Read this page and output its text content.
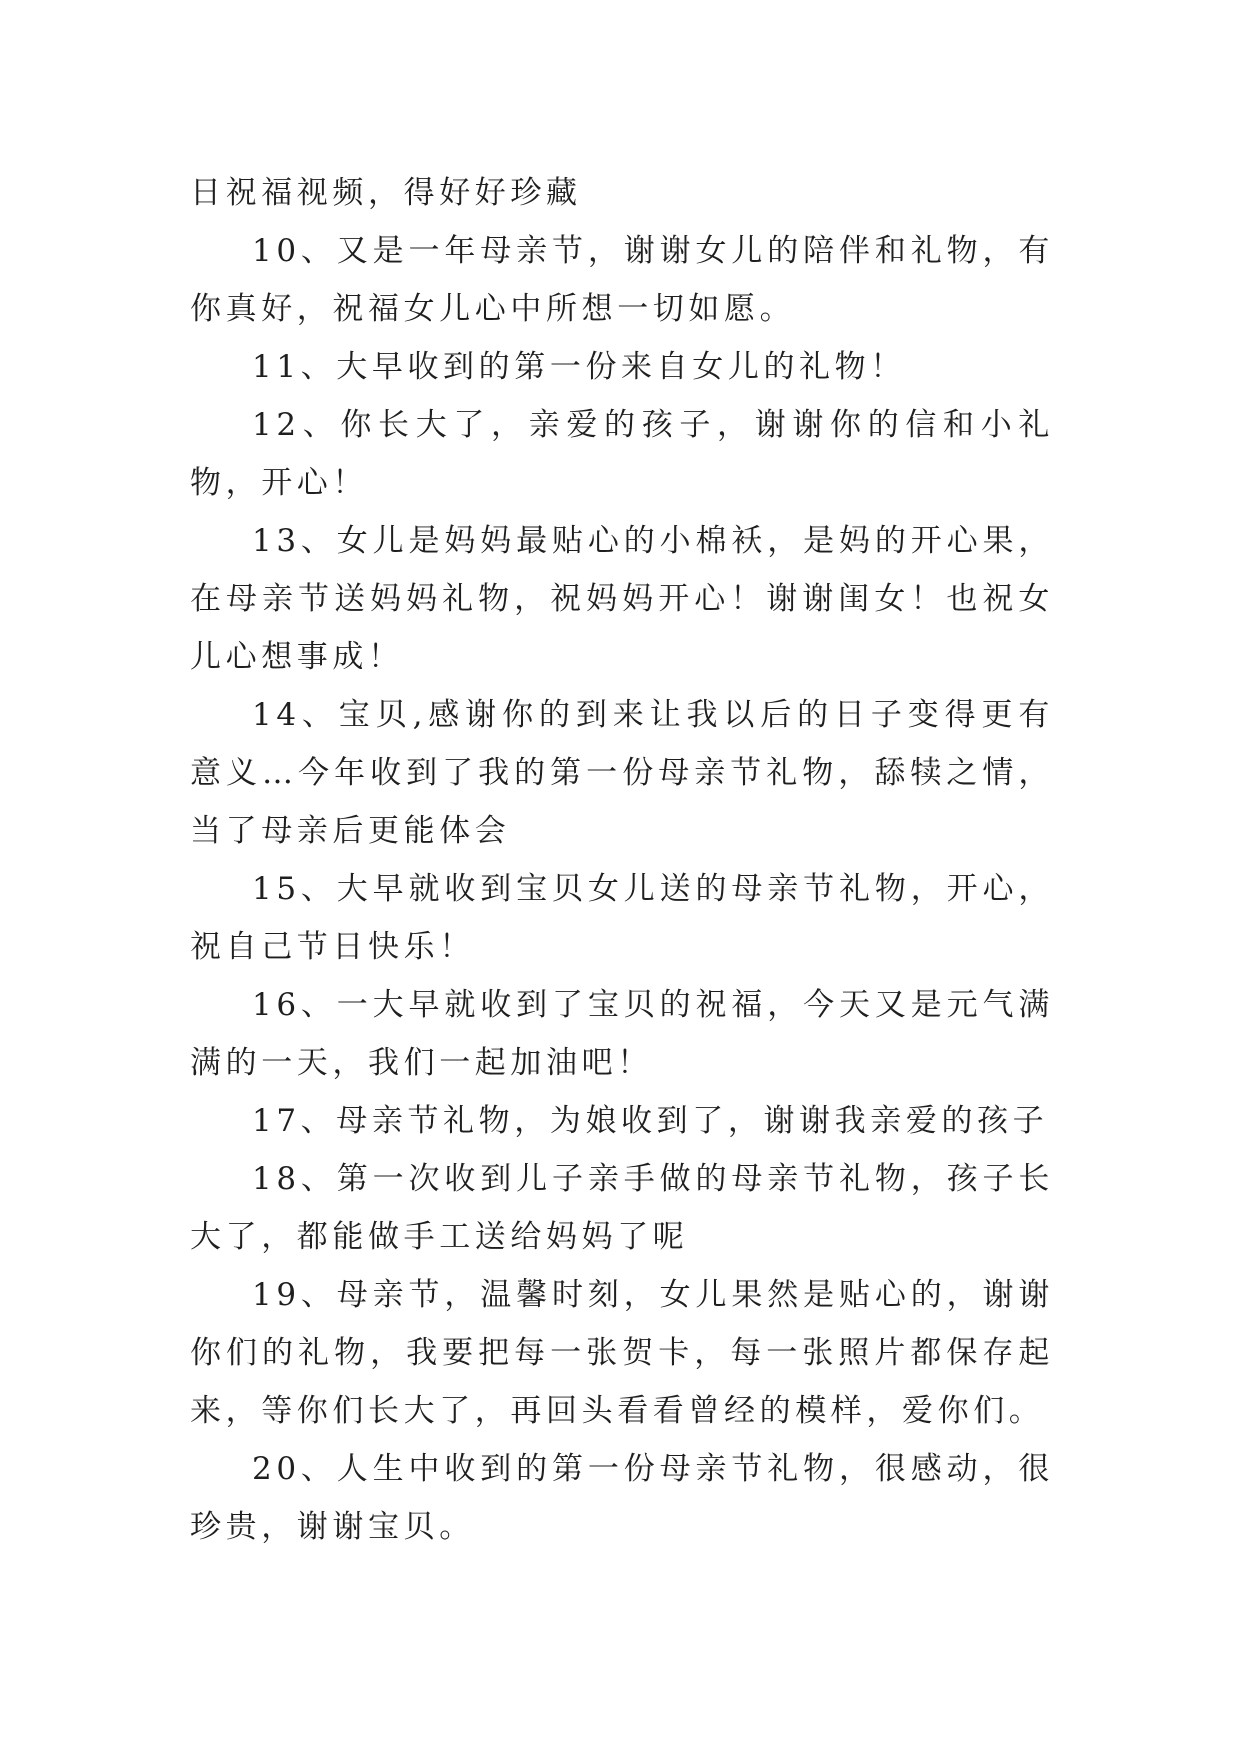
日祝福视频，得好好珍藏

10、又是一年母亲节，谢谢女儿的陪伴和礼物，有你真好，祝福女儿心中所想一切如愿。

11、大早收到的第一份来自女儿的礼物！

12、你长大了，亲爱的孩子，谢谢你的信和小礼物，开心！

13、女儿是妈妈最贴心的小棉袄，是妈的开心果，在母亲节送妈妈礼物，祝妈妈开心！谢谢闺女！也祝女儿心想事成！

14、宝贝,感谢你的到来让我以后的日子变得更有意义…今年收到了我的第一份母亲节礼物，舔犊之情，当了母亲后更能体会

15、大早就收到宝贝女儿送的母亲节礼物，开心，祝自己节日快乐！

16、一大早就收到了宝贝的祝福，今天又是元气满满的一天，我们一起加油吧！

17、母亲节礼物，为娘收到了，谢谢我亲爱的孩子

18、第一次收到儿子亲手做的母亲节礼物，孩子长大了，都能做手工送给妈妈了呢

19、母亲节，温馨时刻，女儿果然是贴心的，谢谢你们的礼物，我要把每一张贺卡，每一张照片都保存起来，等你们长大了，再回头看看曾经的模样，爱你们。

20、人生中收到的第一份母亲节礼物，很感动，很珍贵，谢谢宝贝。
